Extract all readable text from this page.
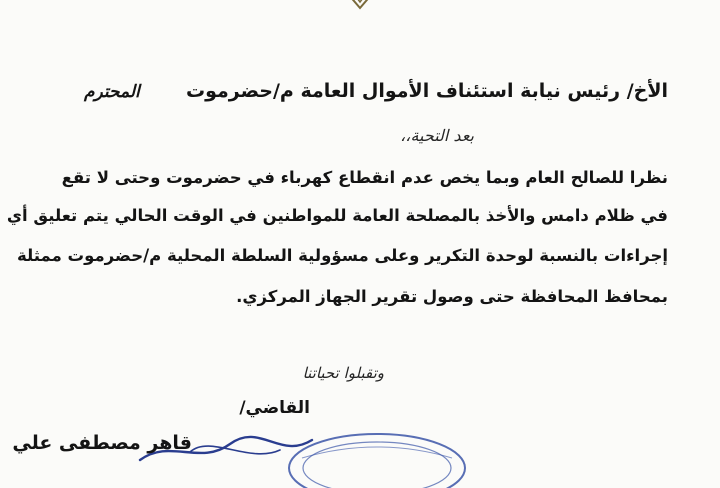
الأخ/ رئيس نيابة استئناف الأموال العامة م/حضرموت
المحترم
بعد التحية،،
نظرا للصالح العام وبما يخص عدم انقطاع كهرباء في حضرموت وحتى لا تقع
في ظلام دامس والأخذ بالمصلحة العامة للمواطنين في الوقت الحالي يتم تعليق أي
إجراءات بالنسبة لوحدة التكرير وعلى مسؤولية السلطة المحلية م/حضرموت ممثلة
بمحافظ المحافظة حتى وصول تقرير الجهاز المركزي.
وتقبلوا تحياتنا
القاضي/
قاهر مصطفى علي
